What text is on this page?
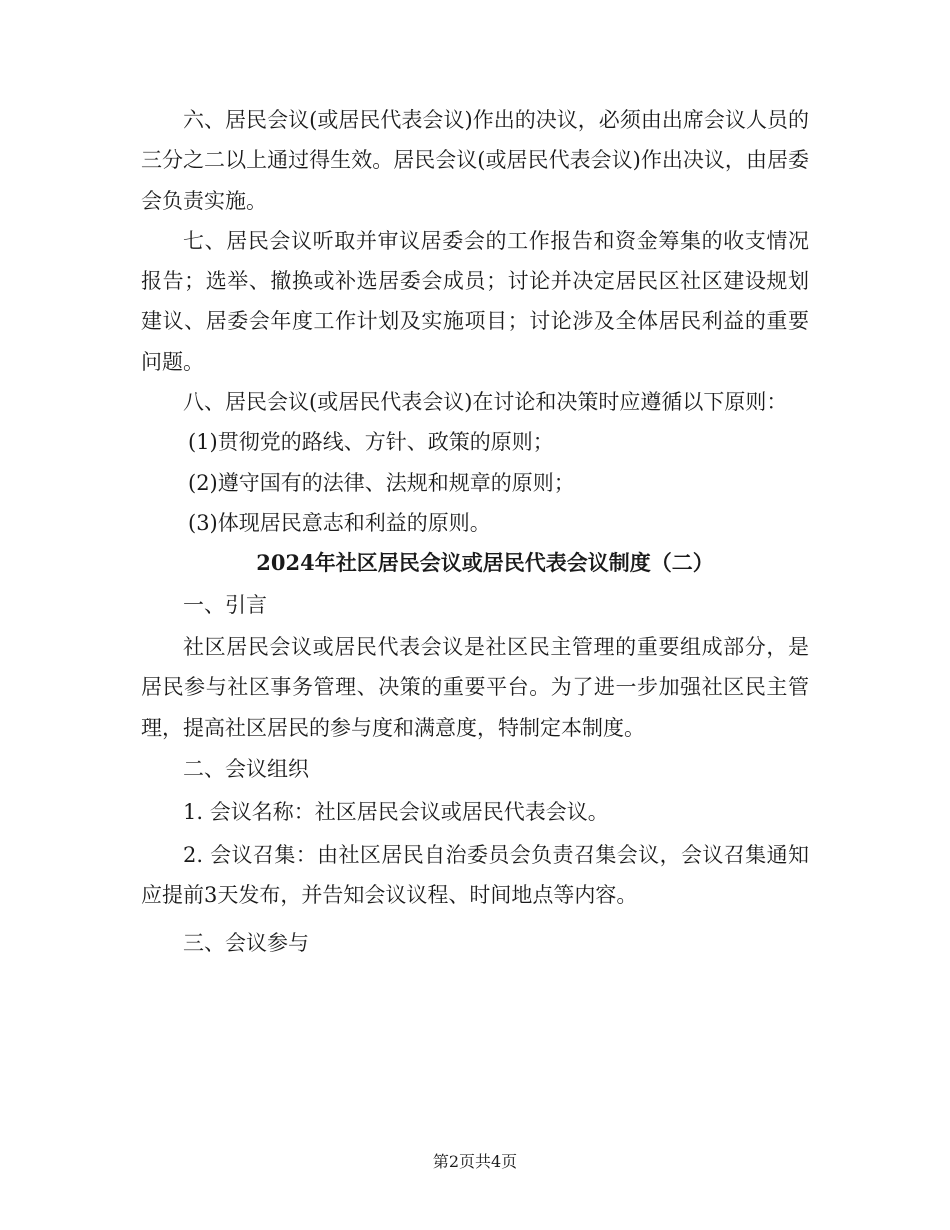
六、居民会议(或居民代表会议)作出的决议，必须由出席会议人员的三分之二以上通过得生效。居民会议(或居民代表会议)作出决议，由居委会负责实施。

七、居民会议听取并审议居委会的工作报告和资金筹集的收支情况报告；选举、撤换或补选居委会成员；讨论并决定居民区社区建设规划建议、居委会年度工作计划及实施项目；讨论涉及全体居民利益的重要问题。

八、居民会议(或居民代表会议)在讨论和决策时应遵循以下原则：

(1)贯彻党的路线、方针、政策的原则；

(2)遵守国有的法律、法规和规章的原则；

(3)体现居民意志和利益的原则。

2024年社区居民会议或居民代表会议制度（二）

一、引言

社区居民会议或居民代表会议是社区民主管理的重要组成部分，是居民参与社区事务管理、决策的重要平台。为了进一步加强社区民主管理，提高社区居民的参与度和满意度，特制定本制度。

二、会议组织

1. 会议名称：社区居民会议或居民代表会议。

2. 会议召集：由社区居民自治委员会负责召集会议，会议召集通知应提前3天发布，并告知会议议程、时间地点等内容。

三、会议参与

第2页共4页
